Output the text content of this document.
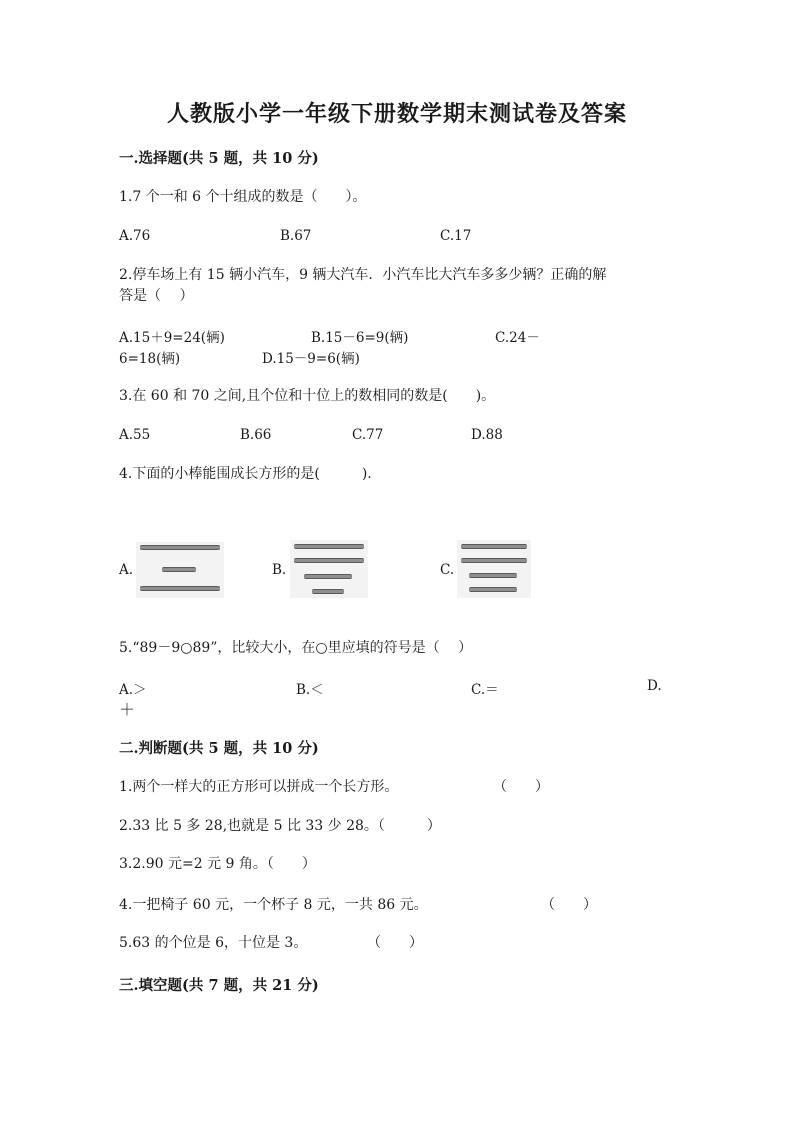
人教版小学一年级下册数学期末测试卷及答案
一.选择题(共 5 题，共 10 分)
1.7 个一和 6 个十组成的数是（　　）。
A.76	B.67	C.17
2.停车场上有 15 辆小汽车，9 辆大汽车．小汽车比大汽车多多少辆？正确的解
答是（　 ）
A.15＋9=24(辆)	B.15－6=9(辆)	C.24－
6=18(辆)	D.15－9=6(辆)
3.在 60 和 70 之间,且个位和十位上的数相同的数是(　　)。
A.55	B.66	C.77	D.88
4.下面的小棒能围成长方形的是(　　　).
A.	B.	C.
5.“89－9○89”，比较大小，在○里应填的符号是（　 ）
A.＞	B.＜	C.＝	D.
＋
二.判断题(共 5 题，共 10 分)
1.两个一样大的正方形可以拼成一个长方形。	（　　）
2.33 比 5 多 28,也就是 5 比 33 少 28。（　　　）
3.2.90 元=2 元 9 角。（　　）
4.一把椅子 60 元，一个杯子 8 元，一共 86 元。	（　　）
5.63 的个位是 6，十位是 3。	（　　）
三.填空题(共 7 题，共 21 分)
